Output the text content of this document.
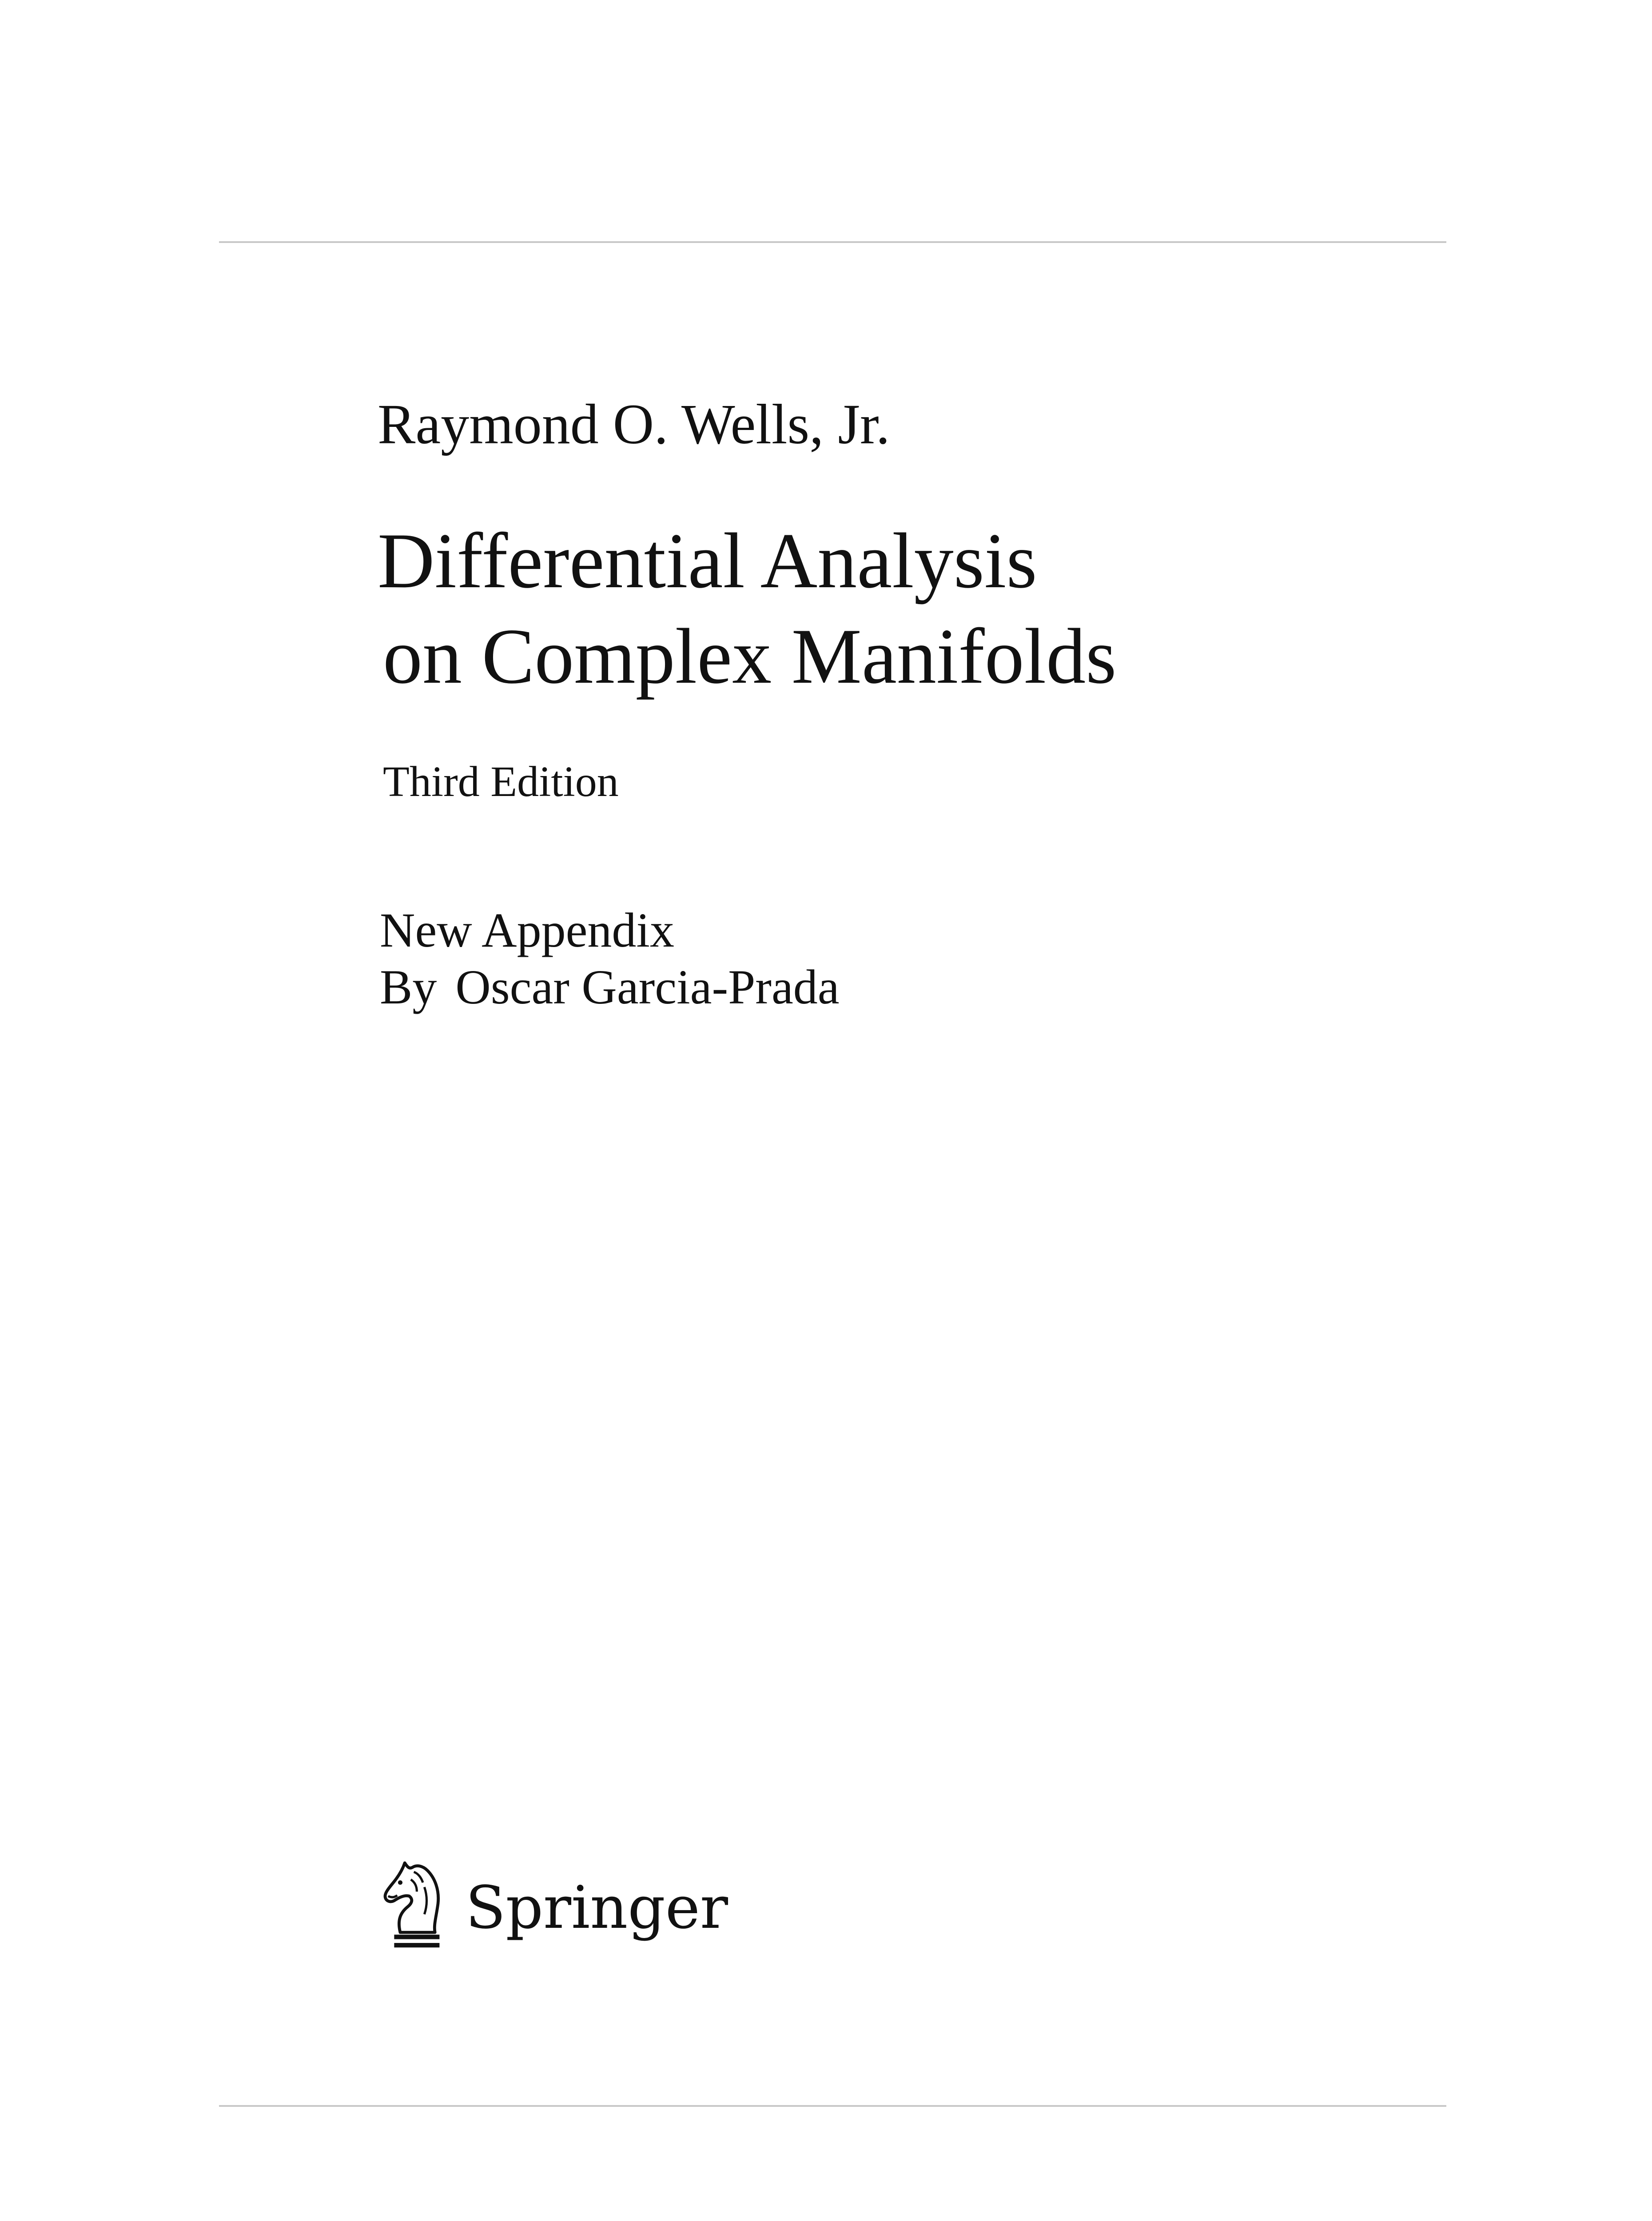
Raymond O. Wells, Jr.
Differential Analysis
on Complex Manifolds
Third Edition
New Appendix
By Oscar Garcia-Prada
Springer
